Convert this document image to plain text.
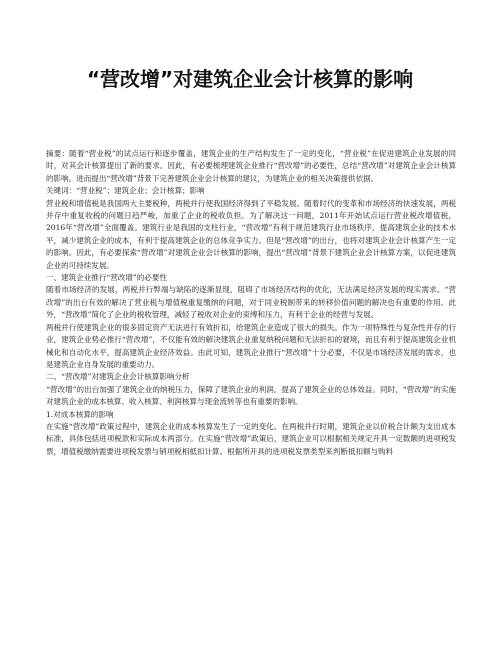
“营改增”对建筑企业会计核算的影响

摘要：随着“营业税”的试点运行和逐步覆盖，建筑企业的生产结构发生了一定的变化，“营业税”在促进建筑企业发展的同时，对其会计核算提出了新的要求。因此，有必要梳理建筑企业推行“营改增”的必要性，总结“营改增”对建筑企业会计核算的影响，进而提出“营改增”背景下完善建筑企业会计核算的建议，为建筑企业的相关决策提供依据。

关键词：“营业税”；建筑企业；会计核算；影响

营业税和增值税是我国两大主要税种，两税并行使我国经济得到了平稳发展。随着时代的变革和市场经济的快速发展，两税并存中重复收税的问题日趋严峻，加重了企业的税收负担。为了解决这一问题，2011年开始试点运行营业税改增值税，2016年“营改增”全面覆盖。建筑行业是我国的支柱行业，“营改增”有利于规范建筑行业市场秩序，提高建筑企业的技术水平，减少建筑企业的成本，有利于提高建筑企业的总体竞争实力。但是“营改增”的出台，也将对建筑企业会计核算产生一定的影响。因此，有必要探索“营改增”对建筑企业会计核算的影响，提出“营改增”背景下建筑企业会计核算方案，以促进建筑企业的可持续发展。

一、建筑企业推行“营改增”的必要性

随着市场经济的发展，两税并行弊端与缺陷的逐渐显现，阻碍了市场经济结构的优化，无法满足经济发展的现实需求。“营改增”的出台有效的解决了营业税与增值税重复缴纳的问题，对于同业税制带来的转移价值问题的解决也有重要的作用。此外，“营改增”简化了企业的税收管理，减轻了税收对企业的束缚和压力，有利于企业的经营与发展。

两税并行使建筑企业的很多固定资产无法进行有效折扣，给建筑企业造成了很大的损失。作为一项特殊性与复杂性并存的行业，建筑企业势必推行“营改增”，不仅能有效的解决建筑企业重复纳税问题和无法折扣的窘境，而且有利于提高建筑企业机械化和自动化水平，提高建筑企业经济效益。由此可知，建筑企业推行“营改增”十分必要，不仅是市场经济发展的需求，也是建筑企业自身发展的重要动力。

二、“营改增”对建筑企业会计核算影响分析

“营改增”的出台加强了建筑企业的纳税压力，保障了建筑企业的利润，提高了建筑企业的总体效益。同时，“营改增”的实施对建筑企业的成本核算、收入核算、利润核算与现金流转等也有重要的影响。

1.对成本核算的影响

在实施“营改增”政策过程中，建筑企业的成本核算发生了一定的变化。在两税并行时期，建筑企业以价税合计额为支出成本标准，具体包括进项税款和实际成本两部分。在实施“营改增”政策后，建筑企业可以根据相关规定开具一定数额的进项税发票，增值税缴纳需要进项税发票与销项税相抵扣计算。根据所开具的进项税发票类型来判断抵扣额与购料
